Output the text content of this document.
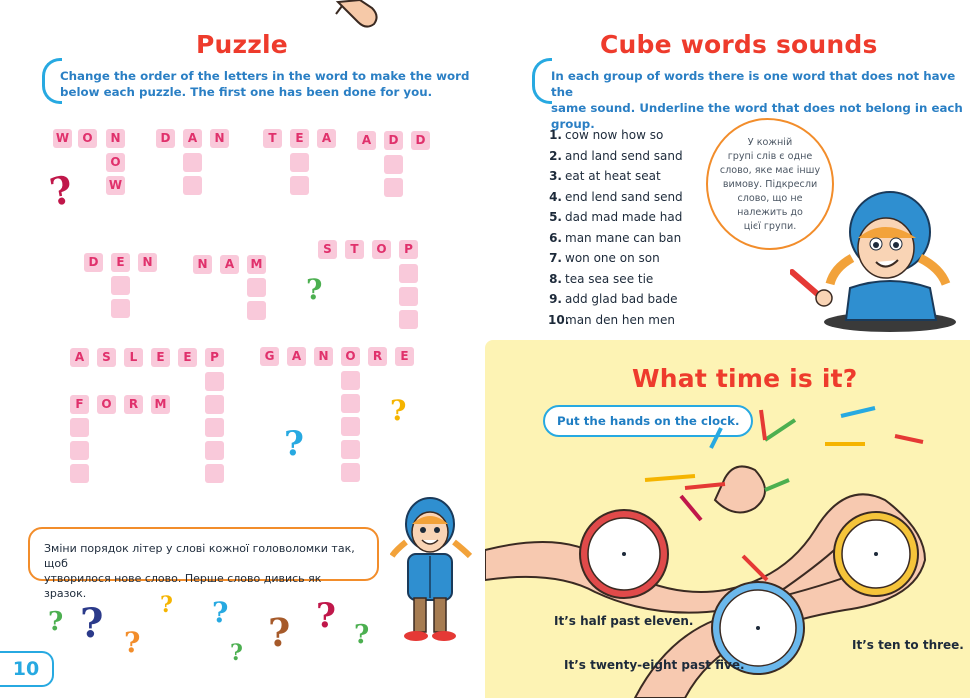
Puzzle
Change the order of the letters in the word to make the word
below each puzzle. The first one has been done for you.
W	O	N
O
W
D	A	N	T	E	A	A	D	D
D	E	N	N	A	M
S	T	O	P
A	S	L	E	E	P	G	A	N	O	R	E
F	O	R	M
?
?
?
?
Зміни порядок літер у слові кожної головоломки так, щоб
утворилося нове слово. Перше слово дивись як зразок.
? ? ?
? ?
? ? ? ?
10
Cube words sounds
In each group of words there is one word that does not have the
same sound. Underline the word that does not belong in each group.
1. cow now how so
2. and land send sand
3. eat at heat seat
4. end lend sand send
5. dad mad made had
6. man mane can ban
7. won one on son
8. tea sea see tie
9. add glad bad bade
10.man den hen men
У кожній
групі слів є одне
слово, яке має іншу
вимову. Підкресли
слово, що не
належить до
цієї групи.
What time is it?
Put the hands on the clock.
It’s half past eleven.
It’s twenty-eight past five.
It’s ten to three.
